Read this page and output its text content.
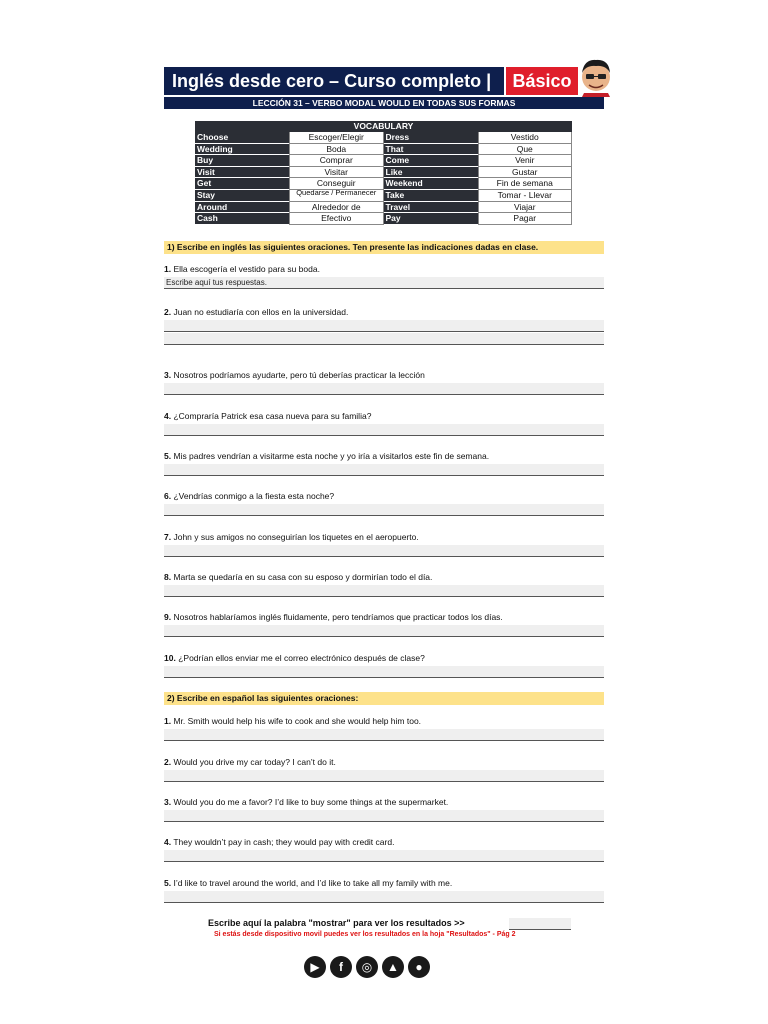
Inglés desde cero – Curso completo |	Básico
LECCIÓN 31 – VERBO MODAL WOULD EN TODAS SUS FORMAS
VOCABULARY
Choose	Escoger/Elegir	Dress	Vestido
Wedding	Boda	That	Que
Buy	Comprar	Come	Venir
Visit	Visitar	Like	Gustar
Get	Conseguir	Weekend	Fin de semana
Stay	Quedarse / Permanecer	Take	Tomar - Llevar
Around	Alrededor de	Travel	Viajar
Cash	Efectivo	Pay	Pagar
1) Escribe en inglés las siguientes oraciones. Ten presente las indicaciones dadas en clase.
1. Ella escogería el vestido para su boda.
Escribe aquí tus respuestas.
2. Juan no estudiaría con ellos en la universidad.
3. Nosotros podríamos ayudarte, pero tú deberías practicar la lección
4. ¿Compraría Patrick esa casa nueva para su familia?
5. Mis padres vendrían a visitarme esta noche y yo iría a visitarlos este fin de semana.
6. ¿Vendrías conmigo a la fiesta esta noche?
7. John y sus amigos no conseguirían los tiquetes en el aeropuerto.
8. Marta se quedaría en su casa con su esposo y dormirían todo el día.
9. Nosotros hablaríamos inglés fluidamente, pero tendríamos que practicar todos los días.
10. ¿Podrían ellos enviar me el correo electrónico después de clase?
2) Escribe en español las siguientes oraciones:
1. Mr. Smith would help his wife to cook and she would help him too.
2. Would you drive my car today? I can’t do it.
3. Would you do me a favor? I’d like to buy some things at the supermarket.
4. They wouldn’t pay in cash; they would pay with credit card.
5. I’d like to travel around the world, and I’d like to take all my family with me.
Escribe aquí la palabra "mostrar" para ver los resultados >>
Si estás desde dispositivo movil puedes ver los resultados en la hoja "Resultados" - Pág 2
▶	f	◎	▲	●
